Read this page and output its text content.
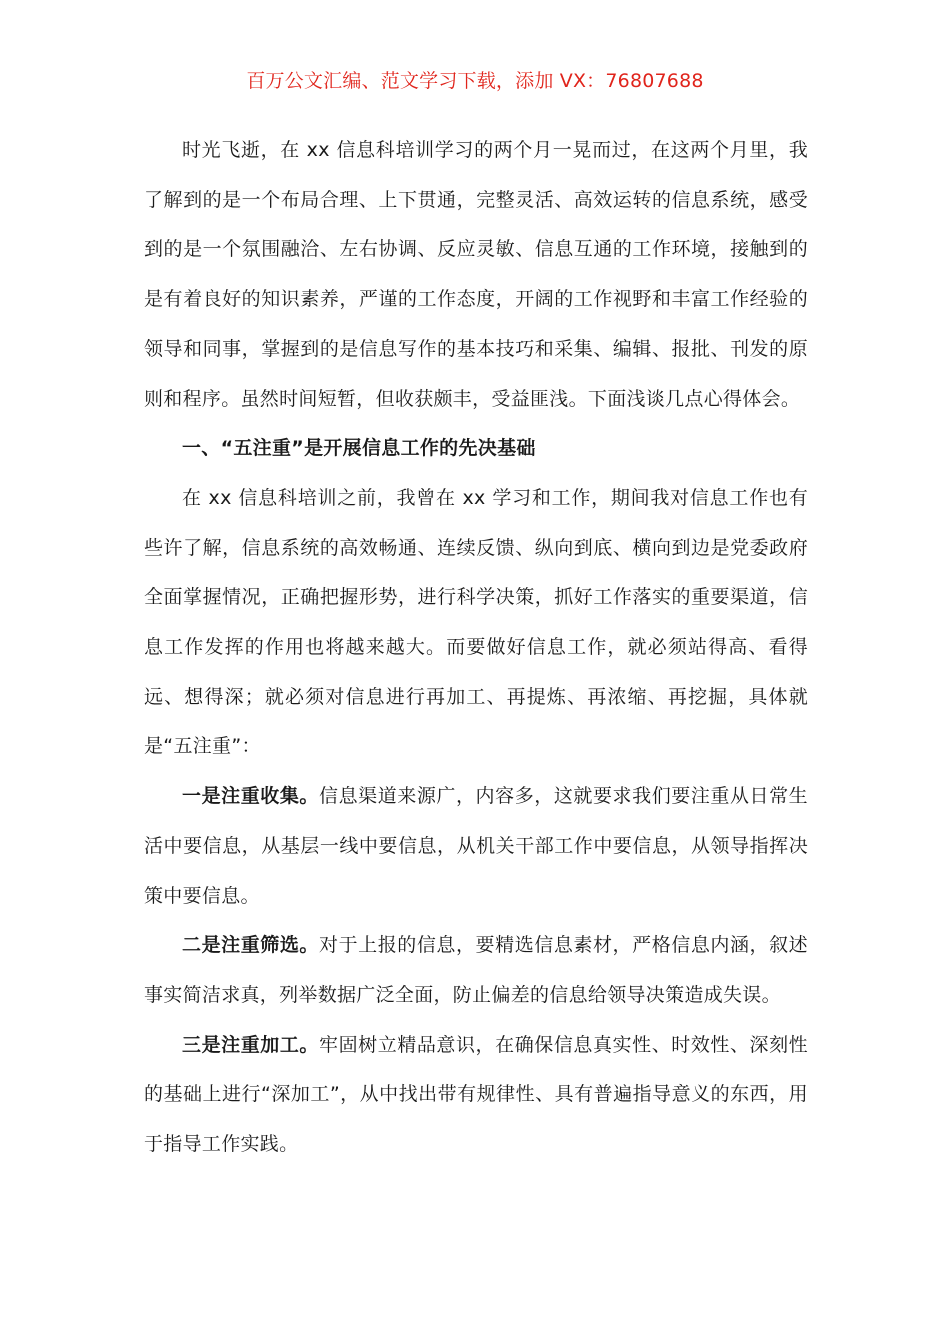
百万公文汇编、范文学习下载，添加 VX：76807688

时光飞逝，在 xx 信息科培训学习的两个月一晃而过，在这两个月里，我了解到的是一个布局合理、上下贯通，完整灵活、高效运转的信息系统，感受到的是一个氛围融洽、左右协调、反应灵敏、信息互通的工作环境，接触到的是有着良好的知识素养，严谨的工作态度，开阔的工作视野和丰富工作经验的领导和同事，掌握到的是信息写作的基本技巧和采集、编辑、报批、刊发的原则和程序。虽然时间短暂，但收获颇丰，受益匪浅。下面浅谈几点心得体会。

一、“五注重”是开展信息工作的先决基础

在 xx 信息科培训之前，我曾在 xx 学习和工作，期间我对信息工作也有些许了解，信息系统的高效畅通、连续反馈、纵向到底、横向到边是党委政府全面掌握情况，正确把握形势，进行科学决策，抓好工作落实的重要渠道，信息工作发挥的作用也将越来越大。而要做好信息工作，就必须站得高、看得远、想得深；就必须对信息进行再加工、再提炼、再浓缩、再挖掘，具体就是“五注重”：

一是注重收集。信息渠道来源广，内容多，这就要求我们要注重从日常生活中要信息，从基层一线中要信息，从机关干部工作中要信息，从领导指挥决策中要信息。

二是注重筛选。对于上报的信息，要精选信息素材，严格信息内涵，叙述事实简洁求真，列举数据广泛全面，防止偏差的信息给领导决策造成失误。

三是注重加工。牢固树立精品意识，在确保信息真实性、时效性、深刻性的基础上进行“深加工”，从中找出带有规律性、具有普遍指导意义的东西，用于指导工作实践。
